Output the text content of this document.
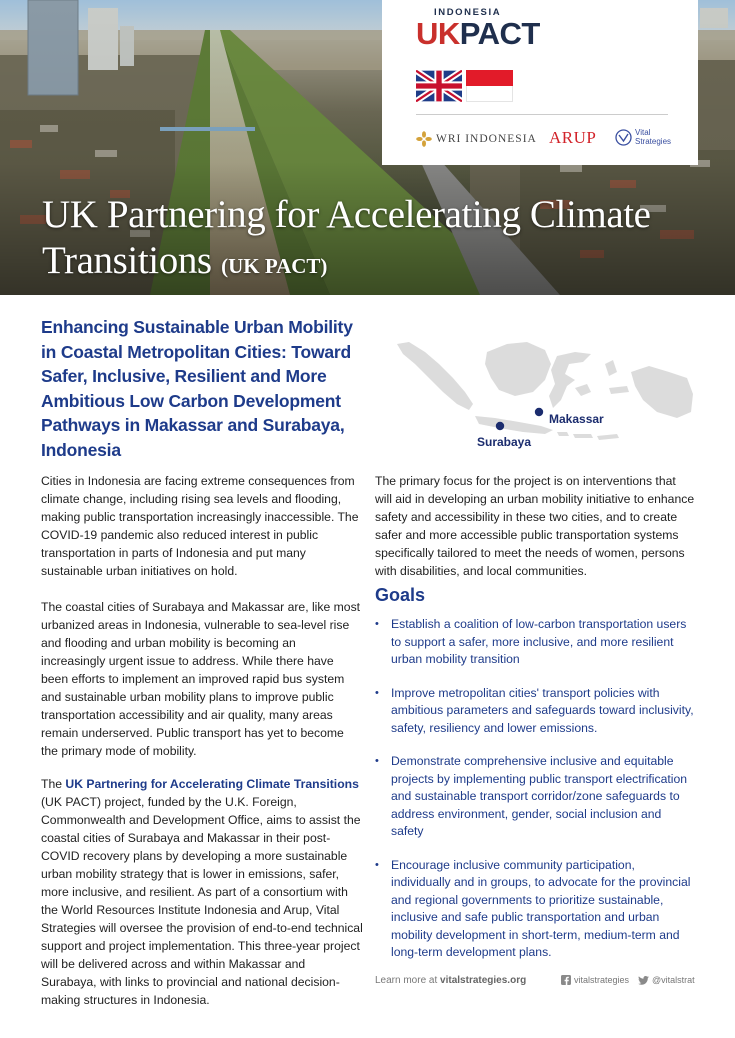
UK Partnering for Accelerating Climate Transitions (UK PACT)
INDONESIA
UKPACT
WRI INDONESIA ARUP	Vital
Strategies
Enhancing Sustainable Urban Mobility in Coastal Metropolitan Cities: Toward Safer, Inclusive, Resilient and More Ambitious Low Carbon Development Pathways in Makassar and Surabaya, Indonesia
Makassar
Surabaya

Cities in Indonesia are facing extreme consequences from climate change, including rising sea levels and flooding, making public transportation increasingly inaccessible. The COVID-19 pandemic also reduced interest in public transportation in parts of Indonesia and put many sustainable urban initiatives on hold.

The coastal cities of Surabaya and Makassar are, like most urbanized areas in Indonesia, vulnerable to sea-level rise and flooding and urban mobility is becoming an increasingly urgent issue to address. While there have been efforts to implement an improved rapid bus system and sustainable urban mobility plans to improve public transportation accessibility and air quality, many areas remain underserved. Public transport has yet to become the primary mode of mobility.

The UK Partnering for Accelerating Climate Transitions (UK PACT) project, funded by the U.K. Foreign, Commonwealth and Development Office, aims to assist the coastal cities of Surabaya and Makassar in their post-COVID recovery plans by developing a more sustainable urban mobility strategy that is lower in emissions, safer, more inclusive, and resilient. As part of a consortium with the World Resources Institute Indonesia and Arup, Vital Strategies will oversee the provision of end-to-end technical support and project implementation. This three-year project will be delivered across and within Makassar and Surabaya, with links to provincial and national decision-making structures in Indonesia.

The primary focus for the project is on interventions that will aid in developing an urban mobility initiative to enhance safety and accessibility in these two cities, and to create safer and more accessible public transportation systems specifically tailored to meet the needs of women, persons with disabilities, and local communities.

Goals
• Establish a coalition of low-carbon transportation users to support a safer, more inclusive, and more resilient urban mobility transition
• Improve metropolitan cities' transport policies with ambitious parameters and safeguards toward inclusivity, safety, resiliency and lower emissions.
• Demonstrate comprehensive inclusive and equitable projects by implementing public transport electrification and sustainable transport corridor/zone safeguards to address environment, gender, social inclusion and safety
• Encourage inclusive community participation, individually and in groups, to advocate for the provincial and regional governments to prioritize sustainable, inclusive and safe public transportation and urban mobility development in short-term, medium-term and long-term development plans.
Learn more at vitalstrategies.org	vitalstrategies	@vitalstrat
